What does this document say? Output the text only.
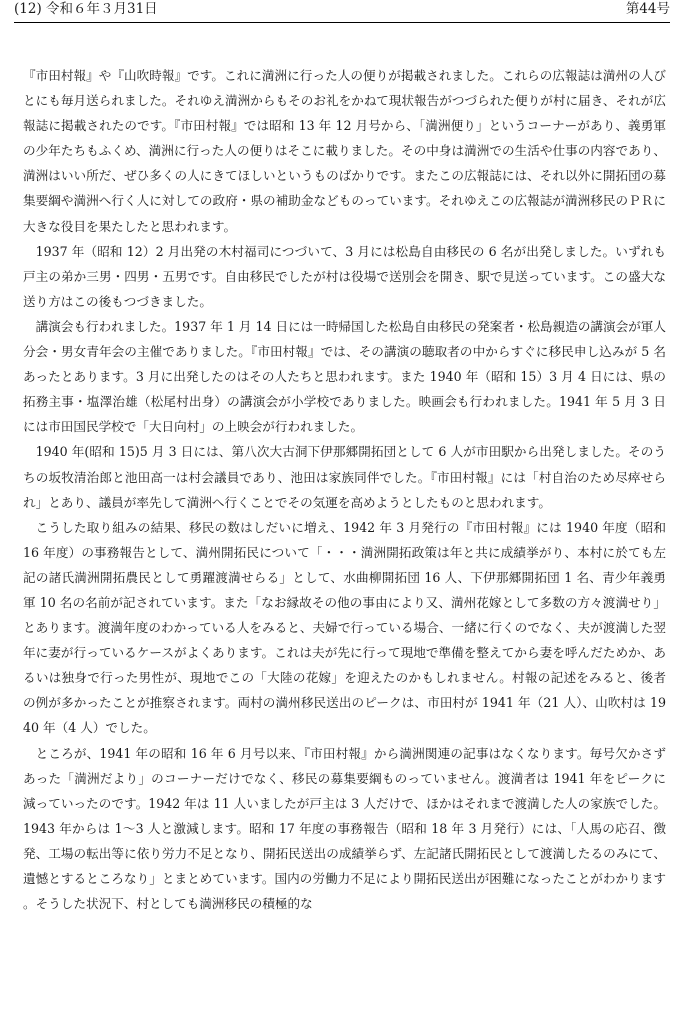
(12) 令和６年３月31日	第44号

『市田村報』や『山吹時報』です。これに満洲に行った人の便りが掲載されました。これらの広報誌は満州の人びとにも毎月送られました。それゆえ満洲からもそのお礼をかねて現状報告がつづられた便りが村に届き、それが広報誌に掲載されたのです。『市田村報』では昭和 13 年 12 月号から、「満洲便り」というコーナーがあり、義勇軍の少年たちもふくめ、満洲に行った人の便りはそこに載りました。その中身は満洲での生活や仕事の内容であり、満洲はいい所だ、ぜひ多くの人にきてほしいというものばかりです。またこの広報誌には、それ以外に開拓団の募集要綱や満洲へ行く人に対しての政府・県の補助金などものっています。それゆえこの広報誌が満洲移民のＰＲに大きな役目を果たしたと思われます。

1937 年（昭和 12）2 月出発の木村福司につづいて、3 月には松島自由移民の 6 名が出発しました。いずれも戸主の弟か三男・四男・五男です。自由移民でしたが村は役場で送別会を開き、駅で見送っています。この盛大な送り方はこの後もつづきました。

講演会も行われました。1937 年 1 月 14 日には一時帰国した松島自由移民の発案者・松島親造の講演会が軍人分会・男女青年会の主催でありました。『市田村報』では、その講演の聴取者の中からすぐに移民申し込みが 5 名あったとあります。3 月に出発したのはその人たちと思われます。また 1940 年（昭和 15）3 月 4 日には、県の拓務主事・塩澤治雄（松尾村出身）の講演会が小学校でありました。映画会も行われました。1941 年 5 月 3 日には市田国民学校で「大日向村」の上映会が行われました。

1940 年(昭和 15)5 月 3 日には、第八次大古洞下伊那郷開拓団として 6 人が市田駅から出発しました。そのうちの坂牧清治郎と池田高一は村会議員であり、池田は家族同伴でした。『市田村報』には「村自治のため尽瘁せられ」とあり、議員が率先して満洲へ行くことでその気運を高めようとしたものと思われます。

こうした取り組みの結果、移民の数はしだいに増え、1942 年 3 月発行の『市田村報』には 1940 年度（昭和 16 年度）の事務報告として、満州開拓民について「・・・満洲開拓政策は年と共に成績挙がり、本村に於ても左記の諸氏満洲開拓農民として勇躍渡満せらる」として、水曲柳開拓団 16 人、下伊那郷開拓団 1 名、青少年義勇軍 10 名の名前が記されています。また「なお縁故その他の事由により又、満州花嫁として多数の方々渡満せり」とあります。渡満年度のわかっている人をみると、夫婦で行っている場合、一緒に行くのでなく、夫が渡満した翌年に妻が行っているケースがよくあります。これは夫が先に行って現地で準備を整えてから妻を呼んだためか、あるいは独身で行った男性が、現地でこの「大陸の花嫁」を迎えたのかもしれません。村報の記述をみると、後者の例が多かったことが推察されます。両村の満州移民送出のピークは、市田村が 1941 年（21 人）、山吹村は 1940 年（4 人）でした。

ところが、1941 年の昭和 16 年 6 月号以来、『市田村報』から満洲関連の記事はなくなります。毎号欠かさずあった「満洲だより」のコーナーだけでなく、移民の募集要綱ものっていません。渡満者は 1941 年をピークに減っていったのです。1942 年は 11 人いましたが戸主は 3 人だけで、ほかはそれまで渡満した人の家族でした。1943 年からは 1～3 人と激減します。昭和 17 年度の事務報告（昭和 18 年 3 月発行）には、「人馬の応召、徴発、工場の転出等に依り労力不足となり、開拓民送出の成績挙らず、左記諸氏開拓民として渡満したるのみにて、遺憾とするところなり」とまとめています。国内の労働力不足により開拓民送出が困難になったことがわかります。そうした状況下、村としても満洲移民の積極的な
